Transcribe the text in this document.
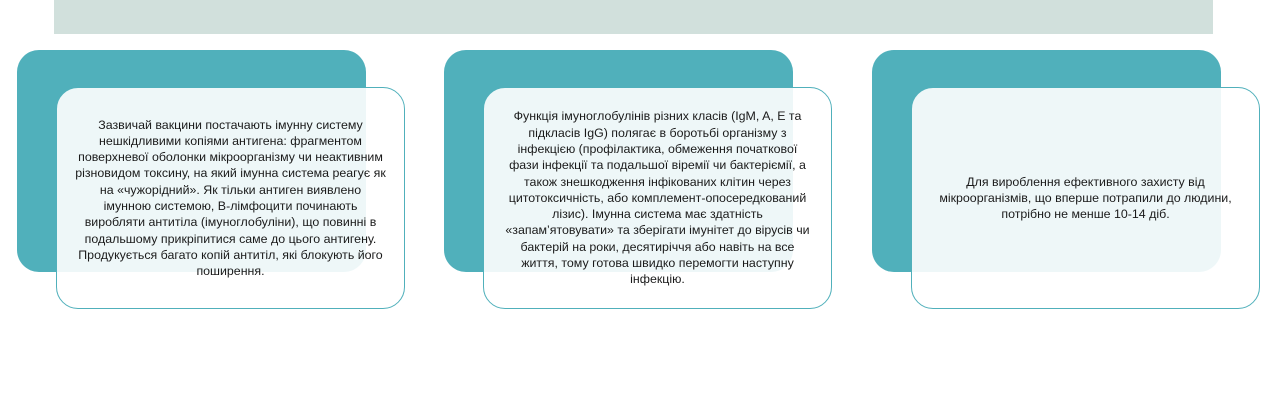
Зазвичай вакцини постачають імунну систему нешкідливими копіями антигена: фрагментом поверхневої оболонки мікроорганізму чи неактивним різновидом токсину, на який імунна система реагує як на «чужорідний». Як тільки антиген виявлено імунною системою, В-лімфоцити починають виробляти антитіла (імуноглобуліни), що повинні в подальшому прикріпитися саме до цього антигену. Продукується багато копій антитіл, які блокують його поширення.

Функція імуноглобулінів різних класів (IgM, A, E та підкласів IgG) полягає в боротьбі організму з інфекцією (профілактика, обмеження початкової фази інфекції та подальшої віремії чи бактеріємії, а також знешкодження інфікованих клітин через цитотоксичність, або комплемент-опосередкований лізис). Імунна система має здатність «запам’ятовувати» та зберігати імунітет до вірусів чи бактерій на роки, десятиріччя або навіть на все життя, тому готова швидко перемогти наступну інфекцію.

Для вироблення ефективного захисту від мікроорганізмів, що вперше потрапили до людини, потрібно не менше 10-14 діб.
